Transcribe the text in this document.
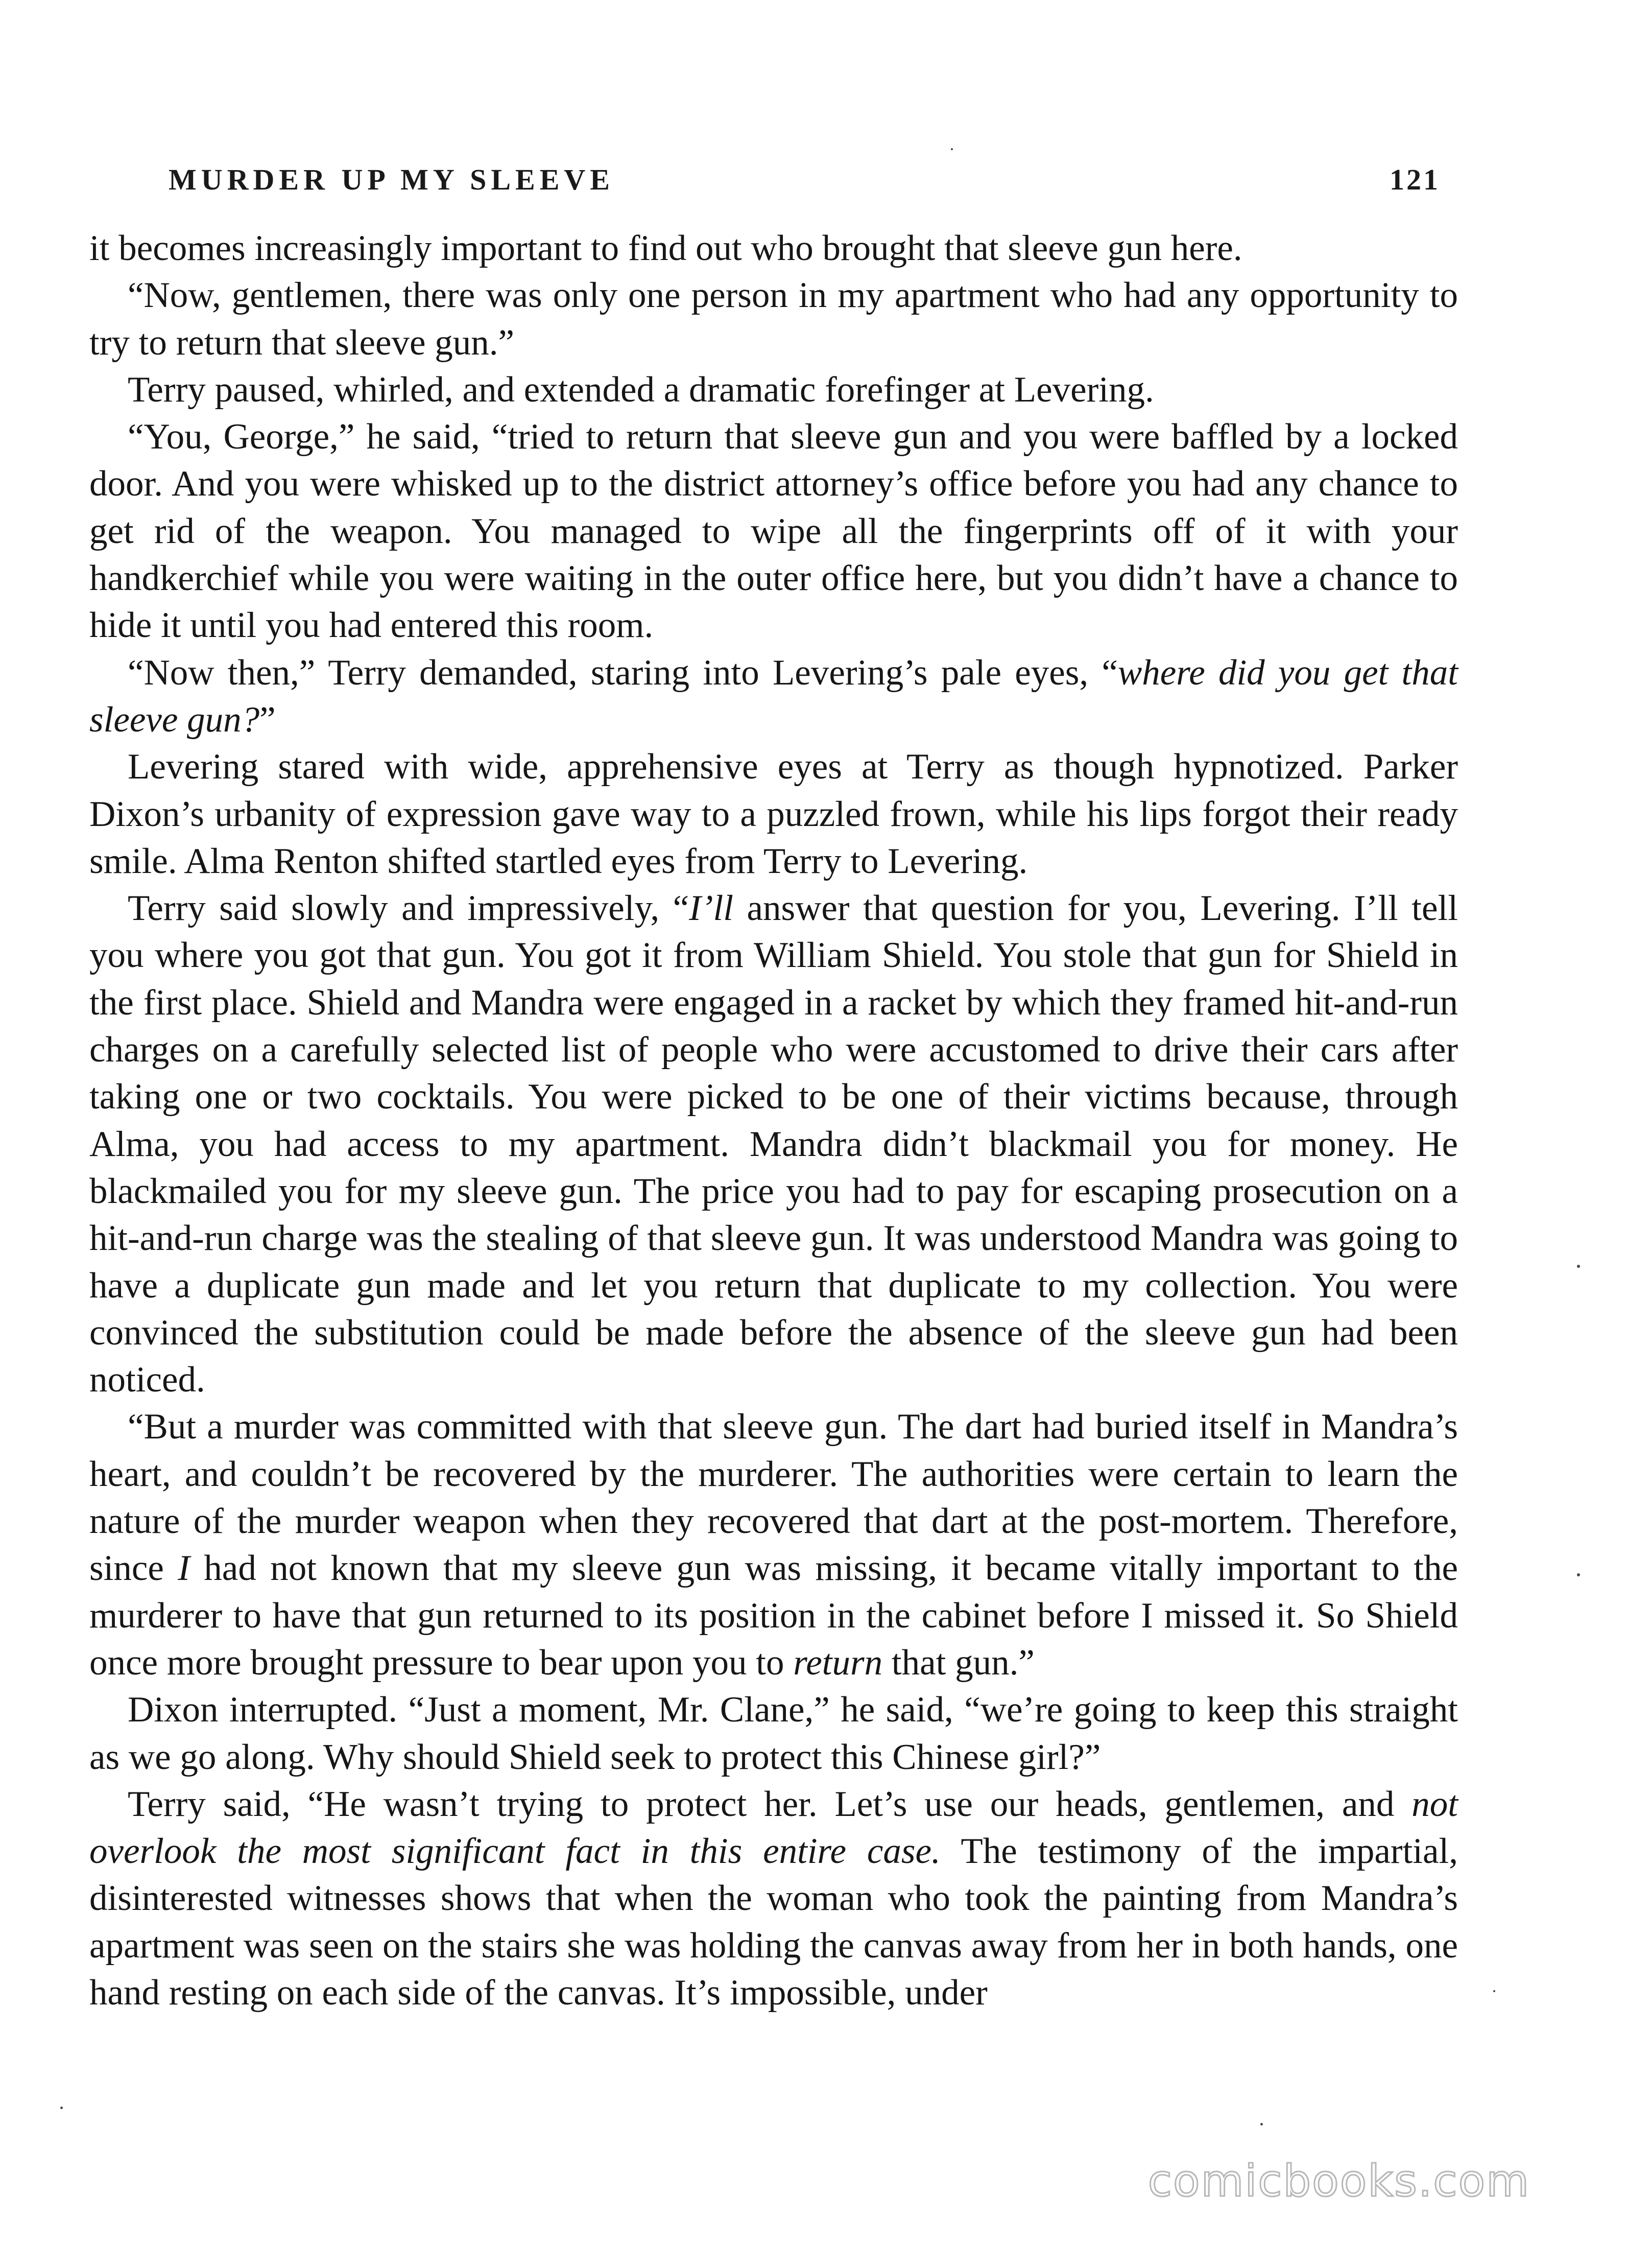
MURDER UP MY SLEEVE	121

it becomes increasingly important to find out who brought that sleeve gun here.

“Now, gentlemen, there was only one person in my apartment who had any opportunity to try to return that sleeve gun.”

Terry paused, whirled, and extended a dramatic forefinger at Levering.

“You, George,” he said, “tried to return that sleeve gun and you were baffled by a locked door. And you were whisked up to the district attorney’s office before you had any chance to get rid of the weapon. You managed to wipe all the fingerprints off of it with your handkerchief while you were waiting in the outer office here, but you didn’t have a chance to hide it until you had entered this room.

“Now then,” Terry demanded, staring into Levering’s pale eyes, “where did you get that sleeve gun?”

Levering stared with wide, apprehensive eyes at Terry as though hypnotized. Parker Dixon’s urbanity of expression gave way to a puzzled frown, while his lips forgot their ready smile. Alma Renton shifted startled eyes from Terry to Levering.

Terry said slowly and impressively, “I’ll answer that question for you, Levering. I’ll tell you where you got that gun. You got it from William Shield. You stole that gun for Shield in the first place. Shield and Mandra were engaged in a racket by which they framed hit-and-run charges on a carefully selected list of people who were accustomed to drive their cars after taking one or two cocktails. You were picked to be one of their victims because, through Alma, you had access to my apartment. Mandra didn’t blackmail you for money. He blackmailed you for my sleeve gun. The price you had to pay for escaping prosecution on a hit-and-run charge was the stealing of that sleeve gun. It was understood Mandra was going to have a duplicate gun made and let you return that duplicate to my collection. You were convinced the substitution could be made before the absence of the sleeve gun had been noticed.

“But a murder was committed with that sleeve gun. The dart had buried itself in Mandra’s heart, and couldn’t be recovered by the murderer. The authorities were certain to learn the nature of the murder weapon when they recovered that dart at the post-mortem. Therefore, since I had not known that my sleeve gun was missing, it became vitally important to the murderer to have that gun returned to its position in the cabinet before I missed it. So Shield once more brought pressure to bear upon you to return that gun.”

Dixon interrupted. “Just a moment, Mr. Clane,” he said, “we’re going to keep this straight as we go along. Why should Shield seek to protect this Chinese girl?”

Terry said, “He wasn’t trying to protect her. Let’s use our heads, gentlemen, and not overlook the most significant fact in this entire case. The testimony of the impartial, disinterested witnesses shows that when the woman who took the painting from Mandra’s apartment was seen on the stairs she was holding the canvas away from her in both hands, one hand resting on each side of the canvas. It’s impossible, under

comicbooks.com
